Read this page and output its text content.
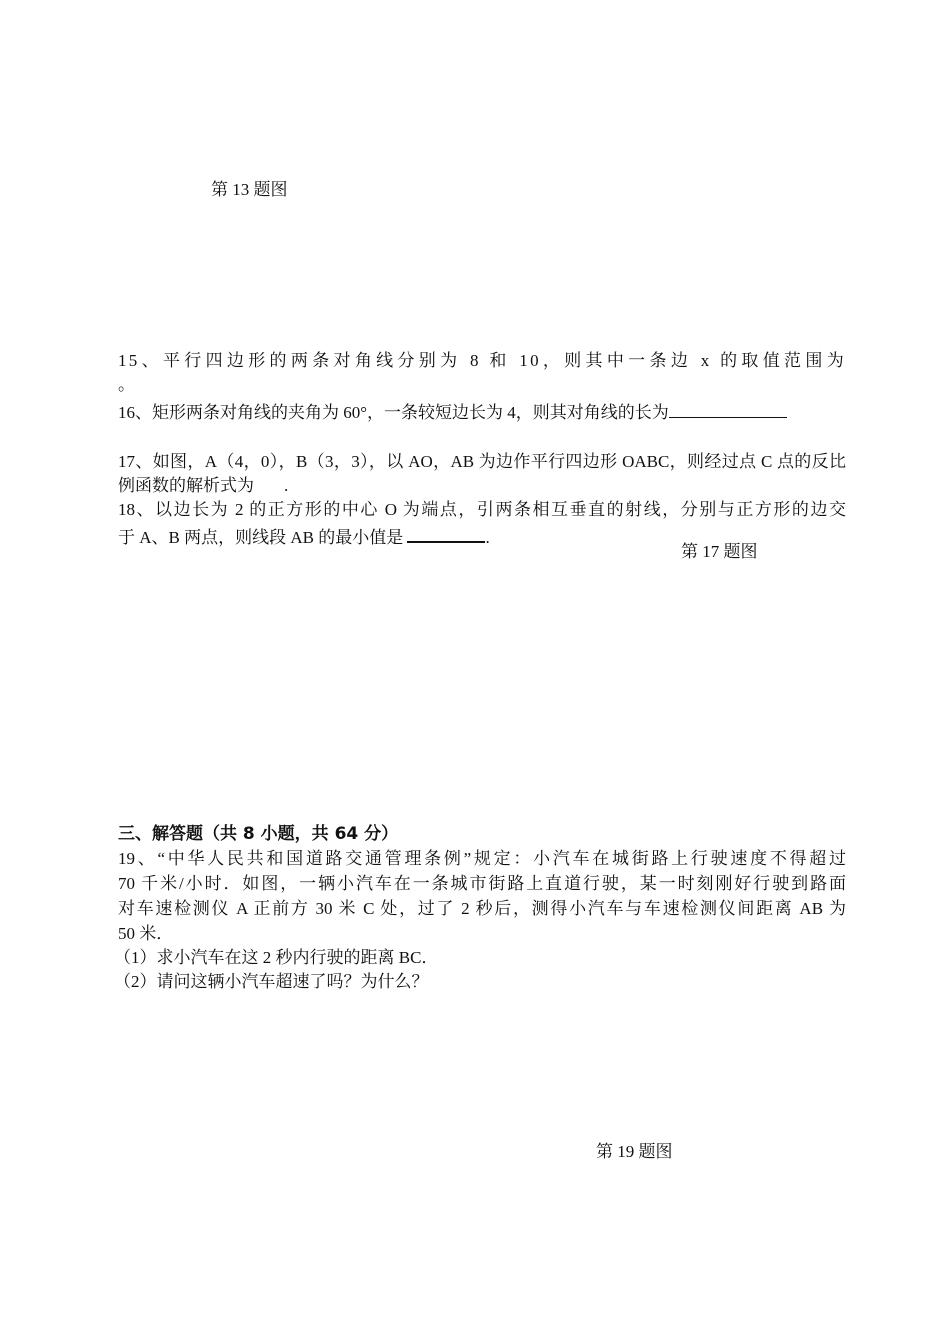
第 13 题图
15、平行四边形的两条对角线分别为 8 和 10，则其中一条边 x 的取值范围为
。
16、矩形两条对角线的夹角为 60°，一条较短边长为 4，则其对角线的长为
17、如图，A（4，0），B（3，3），以 AO，AB 为边作平行四边形 OABC，则经过点 C 点的反比
例函数的解析式为 .
18、以边长为 2 的正方形的中心 O 为端点，引两条相互垂直的射线，分别与正方形的边交
于 A、B 两点，则线段 AB 的最小值是	.
第 17 题图
三、解答题（共 8 小题，共 64 分）
19、“中华人民共和国道路交通管理条例”规定：小汽车在城街路上行驶速度不得超过
70 千米/小时．如图，一辆小汽车在一条城市街路上直道行驶，某一时刻刚好行驶到路面
对车速检测仪 A 正前方 30 米 C 处，过了 2 秒后，测得小汽车与车速检测仪间距离 AB 为
50 米．
（1）求小汽车在这 2 秒内行驶的距离 BC．
（2）请问这辆小汽车超速了吗？为什么？
第 19 题图
